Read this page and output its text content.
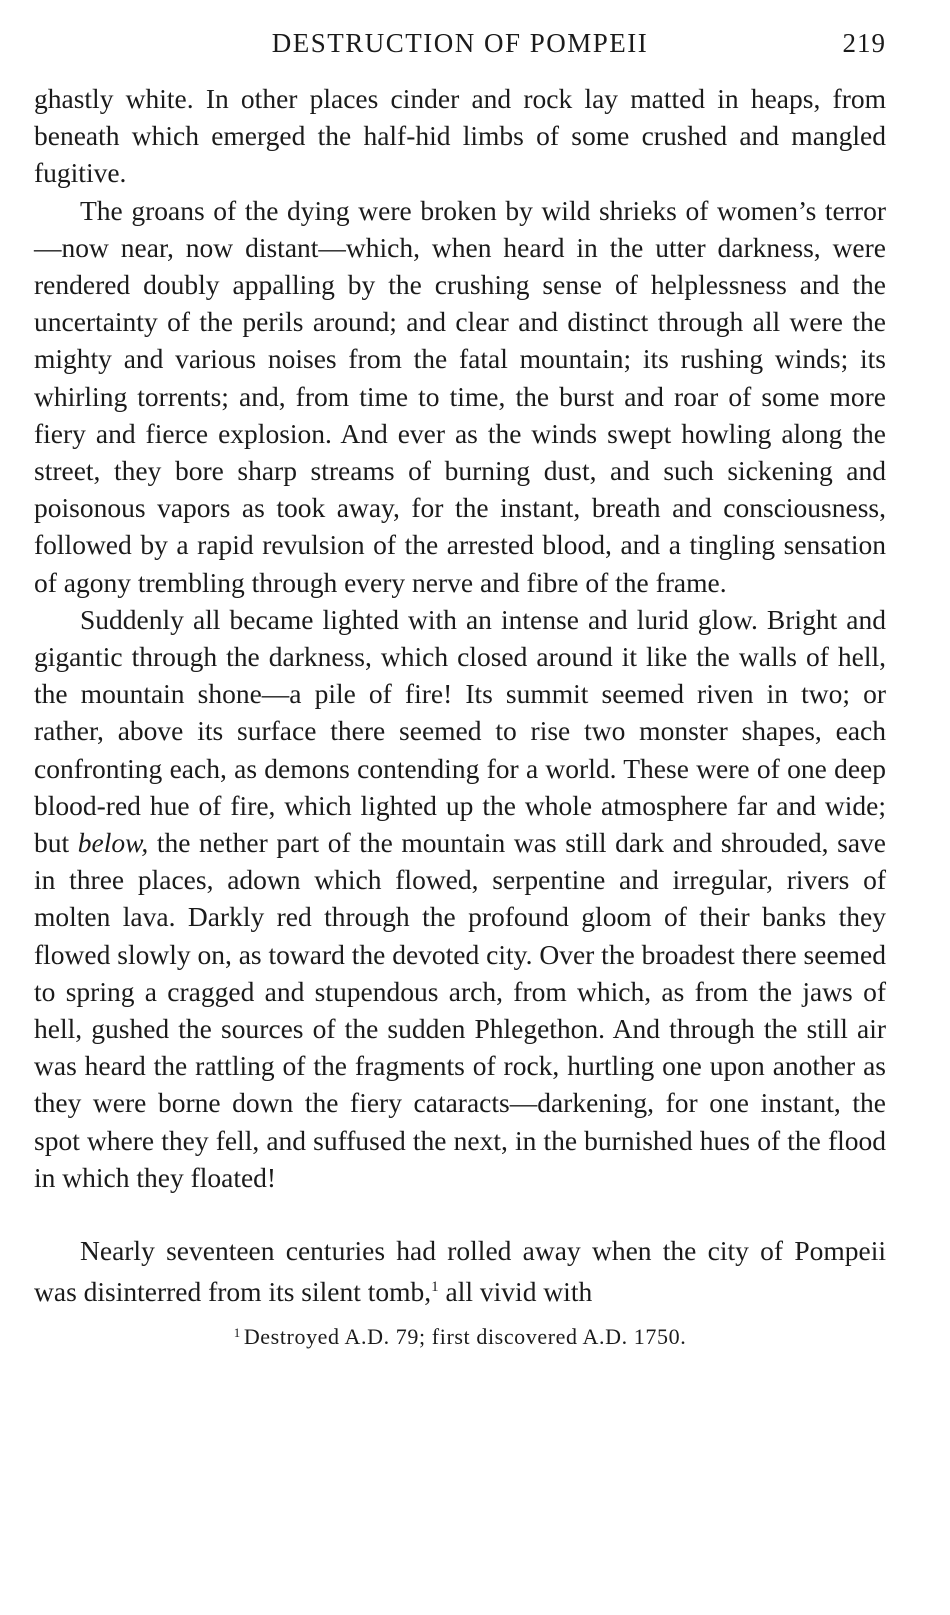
DESTRUCTION OF POMPEII	219

ghastly white. In other places cinder and rock lay matted in heaps, from beneath which emerged the half-hid limbs of some crushed and mangled fugitive.

The groans of the dying were broken by wild shrieks of women’s terror—now near, now distant—which, when heard in the utter darkness, were rendered doubly appalling by the crushing sense of helplessness and the uncertainty of the perils around; and clear and distinct through all were the mighty and various noises from the fatal mountain; its rushing winds; its whirling torrents; and, from time to time, the burst and roar of some more fiery and fierce explosion. And ever as the winds swept howling along the street, they bore sharp streams of burning dust, and such sickening and poisonous vapors as took away, for the instant, breath and consciousness, followed by a rapid revulsion of the arrested blood, and a tingling sensation of agony trembling through every nerve and fibre of the frame.

Suddenly all became lighted with an intense and lurid glow. Bright and gigantic through the darkness, which closed around it like the walls of hell, the mountain shone—a pile of fire! Its summit seemed riven in two; or rather, above its surface there seemed to rise two monster shapes, each confronting each, as demons contending for a world. These were of one deep blood-red hue of fire, which lighted up the whole atmosphere far and wide; but below, the nether part of the mountain was still dark and shrouded, save in three places, adown which flowed, serpentine and irregular, rivers of molten lava. Darkly red through the profound gloom of their banks they flowed slowly on, as toward the devoted city. Over the broadest there seemed to spring a cragged and stupendous arch, from which, as from the jaws of hell, gushed the sources of the sudden Phlegethon. And through the still air was heard the rattling of the fragments of rock, hurtling one upon another as they were borne down the fiery cataracts—darkening, for one instant, the spot where they fell, and suffused the next, in the burnished hues of the flood in which they floated!

Nearly seventeen centuries had rolled away when the city of Pompeii was disinterred from its silent tomb,$^1$ all vivid with

$^1$ Destroyed A.D. 79; first discovered A.D. 1750.
